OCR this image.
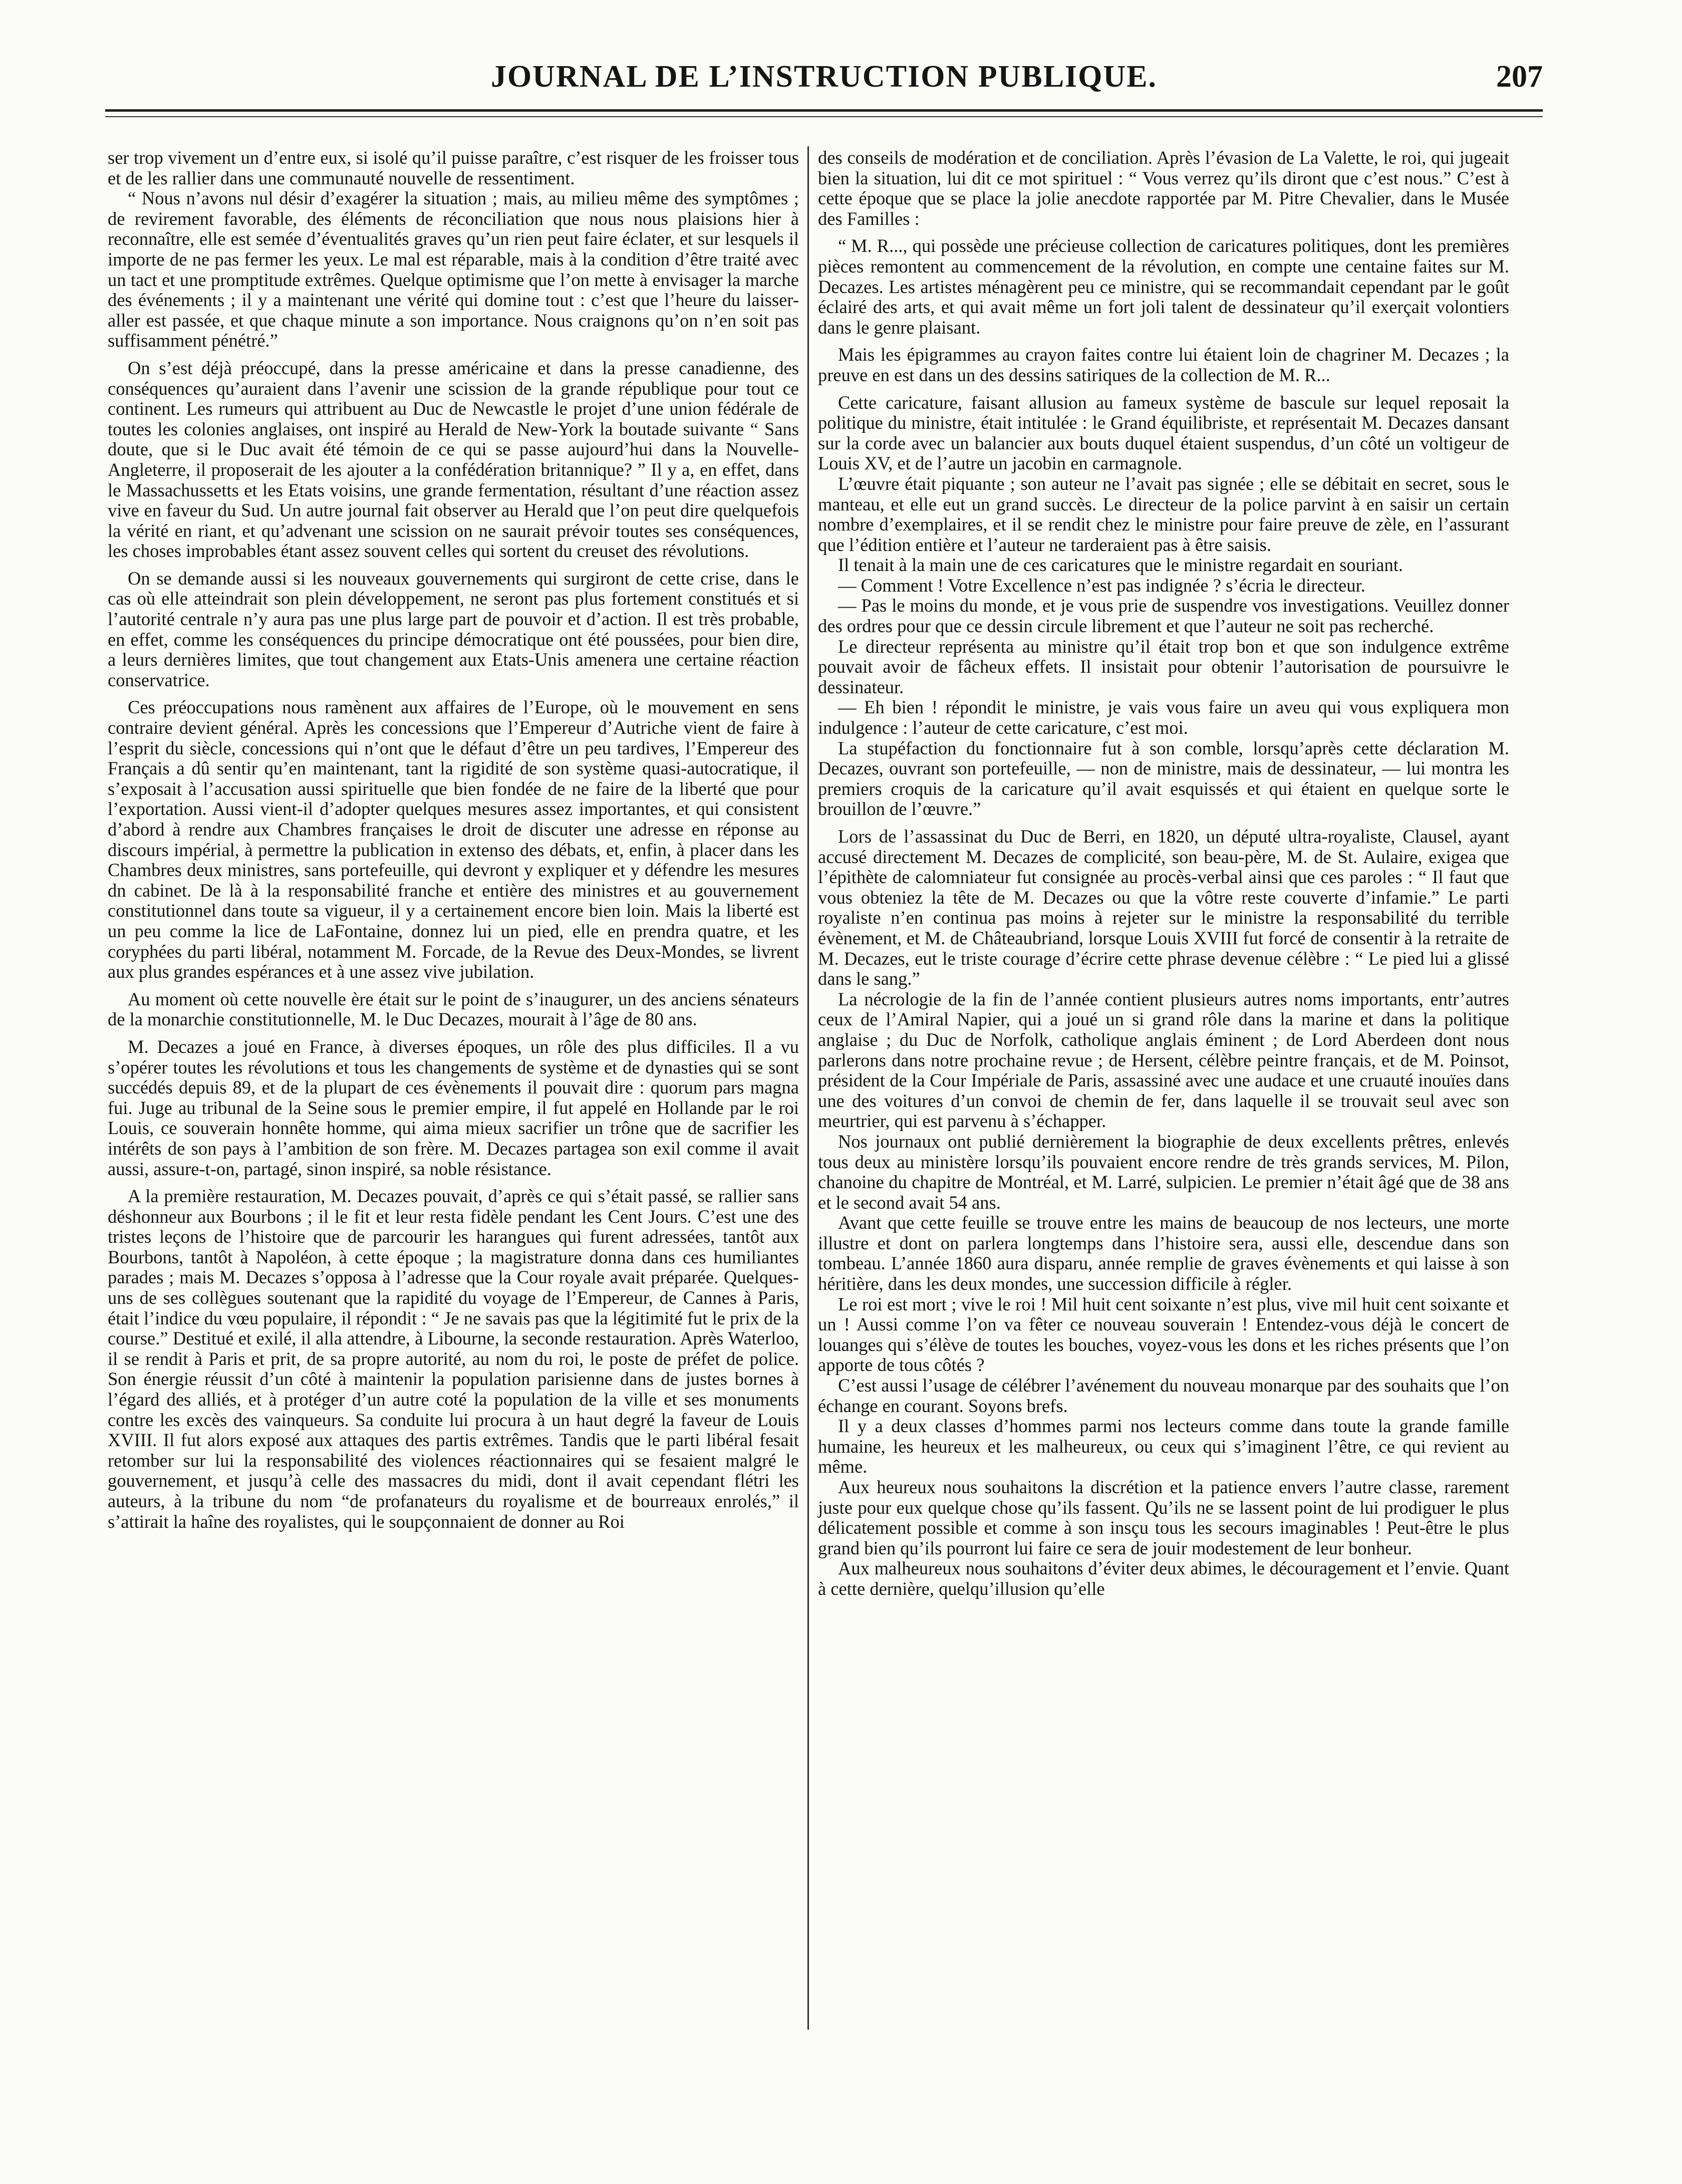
JOURNAL DE L’INSTRUCTION PUBLIQUE.	207

ser trop vivement un d’entre eux, si isolé qu’il puisse paraître, c’est risquer de les froisser tous et de les rallier dans une communauté nouvelle de ressentiment.

“ Nous n’avons nul désir d’exagérer la situation ; mais, au milieu même des symptômes ; de revirement favorable, des éléments de réconciliation que nous nous plaisions hier à reconnaître, elle est semée d’éventualités graves qu’un rien peut faire éclater, et sur lesquels il importe de ne pas fermer les yeux. Le mal est réparable, mais à la condition d’être traité avec un tact et une promptitude extrêmes. Quelque optimisme que l’on mette à envisager la marche des événements ; il y a maintenant une vérité qui domine tout : c’est que l’heure du laisser-aller est passée, et que chaque minute a son importance. Nous craignons qu’on n’en soit pas suffisamment pénétré.”

On s’est déjà préoccupé, dans la presse américaine et dans la presse canadienne, des conséquences qu’auraient dans l’avenir une scission de la grande république pour tout ce continent. Les rumeurs qui attribuent au Duc de Newcastle le projet d’une union fédérale de toutes les colonies anglaises, ont inspiré au Herald de New-York la boutade suivante “ Sans doute, que si le Duc avait été témoin de ce qui se passe aujourd’hui dans la Nouvelle-Angleterre, il proposerait de les ajouter a la confédération britannique? ” Il y a, en effet, dans le Massachussetts et les Etats voisins, une grande fermentation, résultant d’une réaction assez vive en faveur du Sud. Un autre journal fait observer au Herald que l’on peut dire quelquefois la vérité en riant, et qu’advenant une scission on ne saurait prévoir toutes ses conséquences, les choses improbables étant assez souvent celles qui sortent du creuset des révolutions.

On se demande aussi si les nouveaux gouvernements qui surgiront de cette crise, dans le cas où elle atteindrait son plein développement, ne seront pas plus fortement constitués et si l’autorité centrale n’y aura pas une plus large part de pouvoir et d’action. Il est très probable, en effet, comme les conséquences du principe démocratique ont été poussées, pour bien dire, a leurs dernières limites, que tout changement aux Etats-Unis amenera une certaine réaction conservatrice.

Ces préoccupations nous ramènent aux affaires de l’Europe, où le mouvement en sens contraire devient général. Après les concessions que l’Empereur d’Autriche vient de faire à l’esprit du siècle, concessions qui n’ont que le défaut d’être un peu tardives, l’Empereur des Français a dû sentir qu’en maintenant, tant la rigidité de son système quasi-autocratique, il s’exposait à l’accusation aussi spirituelle que bien fondée de ne faire de la liberté que pour l’exportation. Aussi vient-il d’adopter quelques mesures assez importantes, et qui consistent d’abord à rendre aux Chambres françaises le droit de discuter une adresse en réponse au discours impérial, à permettre la publication in extenso des débats, et, enfin, à placer dans les Chambres deux ministres, sans portefeuille, qui devront y expliquer et y défendre les mesures dn cabinet. De là à la responsabilité franche et entière des ministres et au gouvernement constitutionnel dans toute sa vigueur, il y a certainement encore bien loin. Mais la liberté est un peu comme la lice de LaFontaine, donnez lui un pied, elle en prendra quatre, et les coryphées du parti libéral, notamment M. Forcade, de la Revue des Deux-Mondes, se livrent aux plus grandes espérances et à une assez vive jubilation.

Au moment où cette nouvelle ère était sur le point de s’inaugurer, un des anciens sénateurs de la monarchie constitutionnelle, M. le Duc Decazes, mourait à l’âge de 80 ans.

M. Decazes a joué en France, à diverses époques, un rôle des plus difficiles. Il a vu s’opérer toutes les révolutions et tous les changements de système et de dynasties qui se sont succédés depuis 89, et de la plupart de ces évènements il pouvait dire : quorum pars magna fui. Juge au tribunal de la Seine sous le premier empire, il fut appelé en Hollande par le roi Louis, ce souverain honnête homme, qui aima mieux sacrifier un trône que de sacrifier les intérêts de son pays à l’ambition de son frère. M. Decazes partagea son exil comme il avait aussi, assure-t-on, partagé, sinon inspiré, sa noble résistance.

A la première restauration, M. Decazes pouvait, d’après ce qui s’était passé, se rallier sans déshonneur aux Bourbons ; il le fit et leur resta fidèle pendant les Cent Jours. C’est une des tristes leçons de l’histoire que de parcourir les harangues qui furent adressées, tantôt aux Bourbons, tantôt à Napoléon, à cette époque ; la magistrature donna dans ces humiliantes parades ; mais M. Decazes s’opposa à l’adresse que la Cour royale avait préparée. Quelques-uns de ses collègues soutenant que la rapidité du voyage de l’Empereur, de Cannes à Paris, était l’indice du vœu populaire, il répondit : “ Je ne savais pas que la légitimité fut le prix de la course.” Destitué et exilé, il alla attendre, à Libourne, la seconde restauration. Après Waterloo, il se rendit à Paris et prit, de sa propre autorité, au nom du roi, le poste de préfet de police. Son énergie réussit d’un côté à maintenir la population parisienne dans de justes bornes à l’égard des alliés, et à protéger d’un autre coté la population de la ville et ses monuments contre les excès des vainqueurs. Sa conduite lui procura à un haut degré la faveur de Louis XVIII. Il fut alors exposé aux attaques des partis extrêmes. Tandis que le parti libéral fesait retomber sur lui la responsabilité des violences réactionnaires qui se fesaient malgré le gouvernement, et jusqu’à celle des massacres du midi, dont il avait cependant flétri les auteurs, à la tribune du nom “de profanateurs du royalisme et de bourreaux enrolés,” il s’attirait la haîne des royalistes, qui le soupçonnaient de donner au Roi

des conseils de modération et de conciliation. Après l’évasion de La Valette, le roi, qui jugeait bien la situation, lui dit ce mot spirituel : “ Vous verrez qu’ils diront que c’est nous.” C’est à cette époque que se place la jolie anecdote rapportée par M. Pitre Chevalier, dans le Musée des Familles :

“ M. R..., qui possède une précieuse collection de caricatures politiques, dont les premières pièces remontent au commencement de la révolution, en compte une centaine faites sur M. Decazes. Les artistes ménagèrent peu ce ministre, qui se recommandait cependant par le goût éclairé des arts, et qui avait même un fort joli talent de dessinateur qu’il exerçait volontiers dans le genre plaisant.

Mais les épigrammes au crayon faites contre lui étaient loin de chagriner M. Decazes ; la preuve en est dans un des dessins satiriques de la collection de M. R...

Cette caricature, faisant allusion au fameux système de bascule sur lequel reposait la politique du ministre, était intitulée : le Grand équilibriste, et représentait M. Decazes dansant sur la corde avec un balancier aux bouts duquel étaient suspendus, d’un côté un voltigeur de Louis XV, et de l’autre un jacobin en carmagnole.

L’œuvre était piquante ; son auteur ne l’avait pas signée ; elle se débitait en secret, sous le manteau, et elle eut un grand succès. Le directeur de la police parvint à en saisir un certain nombre d’exemplaires, et il se rendit chez le ministre pour faire preuve de zèle, en l’assurant que l’édition entière et l’auteur ne tarderaient pas à être saisis.

Il tenait à la main une de ces caricatures que le ministre regardait en souriant.

— Comment ! Votre Excellence n’est pas indignée ? s’écria le directeur.

— Pas le moins du monde, et je vous prie de suspendre vos investigations. Veuillez donner des ordres pour que ce dessin circule librement et que l’auteur ne soit pas recherché.

Le directeur représenta au ministre qu’il était trop bon et que son indulgence extrême pouvait avoir de fâcheux effets. Il insistait pour obtenir l’autorisation de poursuivre le dessinateur.

— Eh bien ! répondit le ministre, je vais vous faire un aveu qui vous expliquera mon indulgence : l’auteur de cette caricature, c’est moi.

La stupéfaction du fonctionnaire fut à son comble, lorsqu’après cette déclaration M. Decazes, ouvrant son portefeuille, — non de ministre, mais de dessinateur, — lui montra les premiers croquis de la caricature qu’il avait esquissés et qui étaient en quelque sorte le brouillon de l’œuvre.”

Lors de l’assassinat du Duc de Berri, en 1820, un député ultra-royaliste, Clausel, ayant accusé directement M. Decazes de complicité, son beau-père, M. de St. Aulaire, exigea que l’épithète de calomniateur fut consignée au procès-verbal ainsi que ces paroles : “ Il faut que vous obteniez la tête de M. Decazes ou que la vôtre reste couverte d’infamie.” Le parti royaliste n’en continua pas moins à rejeter sur le ministre la responsabilité du terrible évènement, et M. de Châteaubriand, lorsque Louis XVIII fut forcé de consentir à la retraite de M. Decazes, eut le triste courage d’écrire cette phrase devenue célèbre : “ Le pied lui a glissé dans le sang.”

La nécrologie de la fin de l’année contient plusieurs autres noms importants, entr’autres ceux de l’Amiral Napier, qui a joué un si grand rôle dans la marine et dans la politique anglaise ; du Duc de Norfolk, catholique anglais éminent ; de Lord Aberdeen dont nous parlerons dans notre prochaine revue ; de Hersent, célèbre peintre français, et de M. Poinsot, président de la Cour Impériale de Paris, assassiné avec une audace et une cruauté inouïes dans une des voitures d’un convoi de chemin de fer, dans laquelle il se trouvait seul avec son meurtrier, qui est parvenu à s’échapper.

Nos journaux ont publié dernièrement la biographie de deux excellents prêtres, enlevés tous deux au ministère lorsqu’ils pouvaient encore rendre de très grands services, M. Pilon, chanoine du chapitre de Montréal, et M. Larré, sulpicien. Le premier n’était âgé que de 38 ans et le second avait 54 ans.

Avant que cette feuille se trouve entre les mains de beaucoup de nos lecteurs, une morte illustre et dont on parlera longtemps dans l’histoire sera, aussi elle, descendue dans son tombeau. L’année 1860 aura disparu, année remplie de graves évènements et qui laisse à son héritière, dans les deux mondes, une succession difficile à régler.

Le roi est mort ; vive le roi ! Mil huit cent soixante n’est plus, vive mil huit cent soixante et un ! Aussi comme l’on va fêter ce nouveau souverain ! Entendez-vous déjà le concert de louanges qui s’élève de toutes les bouches, voyez-vous les dons et les riches présents que l’on apporte de tous côtés ?

C’est aussi l’usage de célébrer l’avénement du nouveau monarque par des souhaits que l’on échange en courant. Soyons brefs.

Il y a deux classes d’hommes parmi nos lecteurs comme dans toute la grande famille humaine, les heureux et les malheureux, ou ceux qui s’imaginent l’être, ce qui revient au même.

Aux heureux nous souhaitons la discrétion et la patience envers l’autre classe, rarement juste pour eux quelque chose qu’ils fassent. Qu’ils ne se lassent point de lui prodiguer le plus délicatement possible et comme à son insçu tous les secours imaginables ! Peut-être le plus grand bien qu’ils pourront lui faire ce sera de jouir modestement de leur bonheur.

Aux malheureux nous souhaitons d’éviter deux abimes, le découragement et l’envie. Quant à cette dernière, quelqu’illusion qu’elle
